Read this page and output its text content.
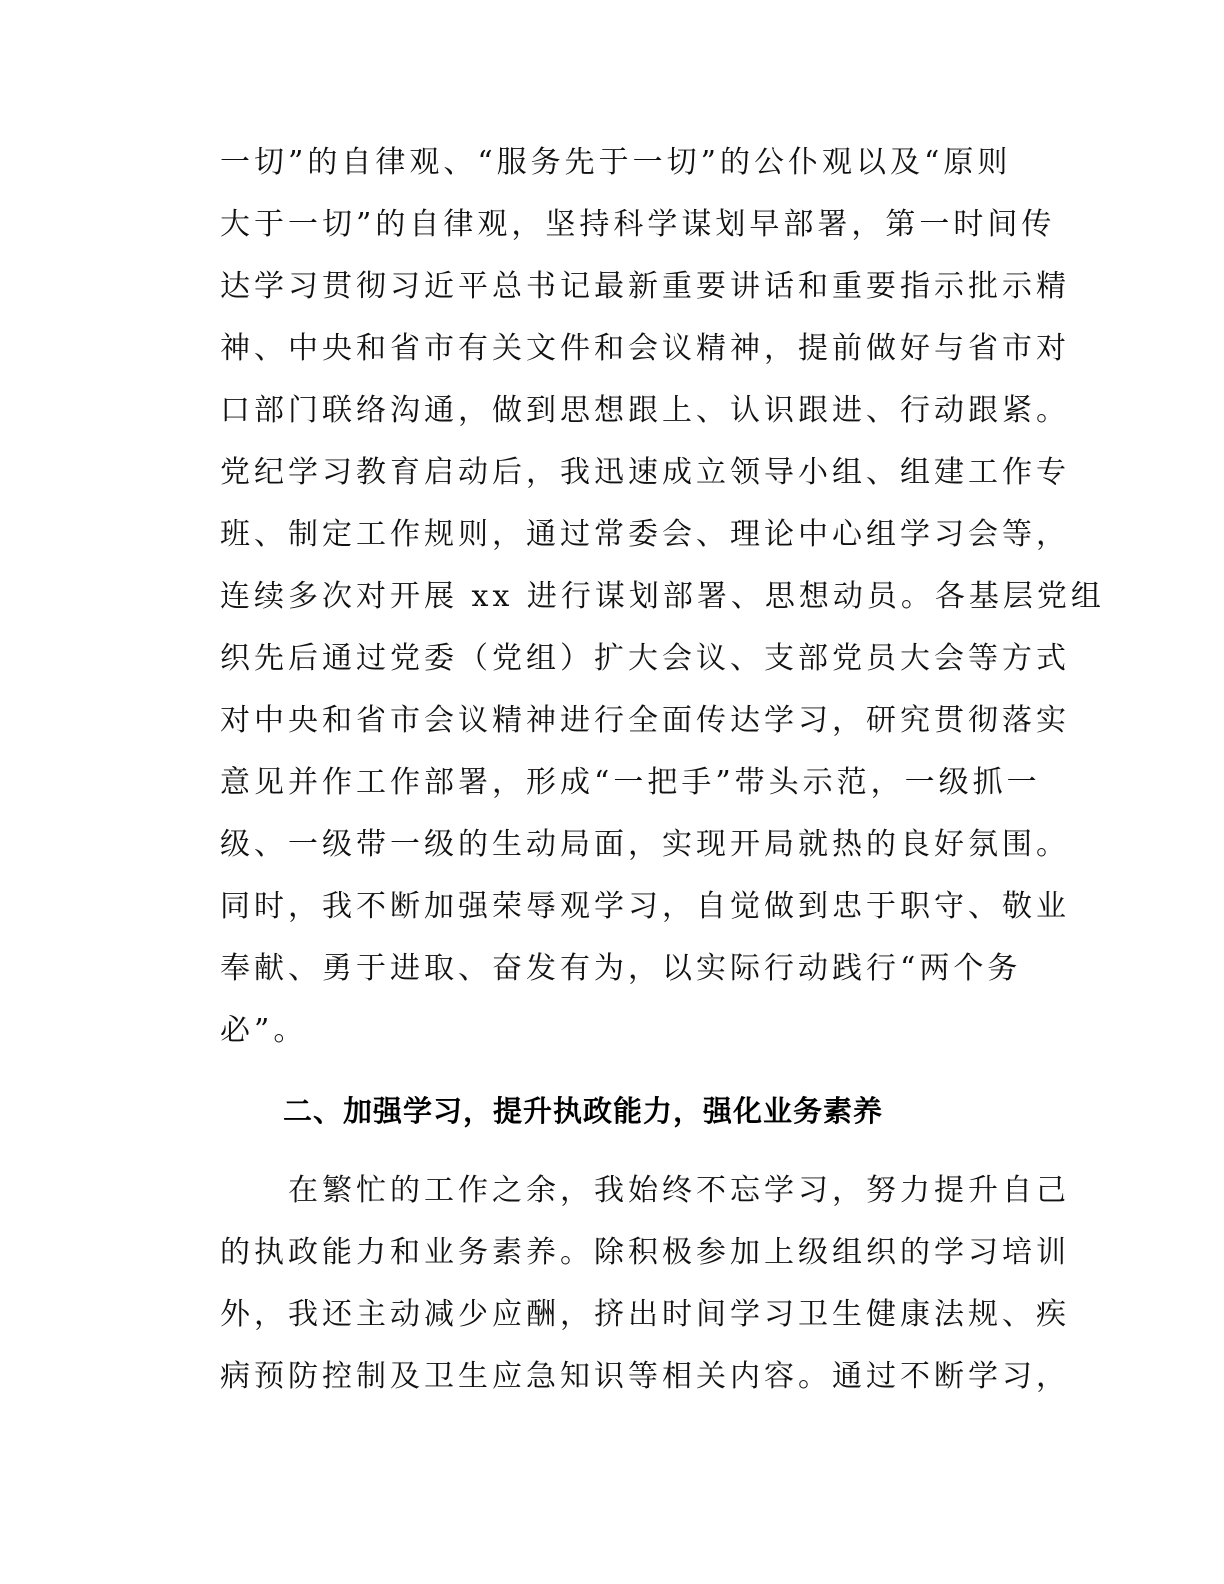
一切”的自律观、“服务先于一切”的公仆观以及“原则
大于一切”的自律观，坚持科学谋划早部署，第一时间传
达学习贯彻习近平总书记最新重要讲话和重要指示批示精
神、中央和省市有关文件和会议精神，提前做好与省市对
口部门联络沟通，做到思想跟上、认识跟进、行动跟紧。
党纪学习教育启动后，我迅速成立领导小组、组建工作专
班、制定工作规则，通过常委会、理论中心组学习会等，
连续多次对开展 xx 进行谋划部署、思想动员。各基层党组
织先后通过党委（党组）扩大会议、支部党员大会等方式
对中央和省市会议精神进行全面传达学习，研究贯彻落实
意见并作工作部署，形成“一把手”带头示范，一级抓一
级、一级带一级的生动局面，实现开局就热的良好氛围。
同时，我不断加强荣辱观学习，自觉做到忠于职守、敬业
奉献、勇于进取、奋发有为，以实际行动践行“两个务
必”。
二、加强学习，提升执政能力，强化业务素养
　　在繁忙的工作之余，我始终不忘学习，努力提升自己
的执政能力和业务素养。除积极参加上级组织的学习培训
外，我还主动减少应酬，挤出时间学习卫生健康法规、疾
病预防控制及卫生应急知识等相关内容。通过不断学习，
